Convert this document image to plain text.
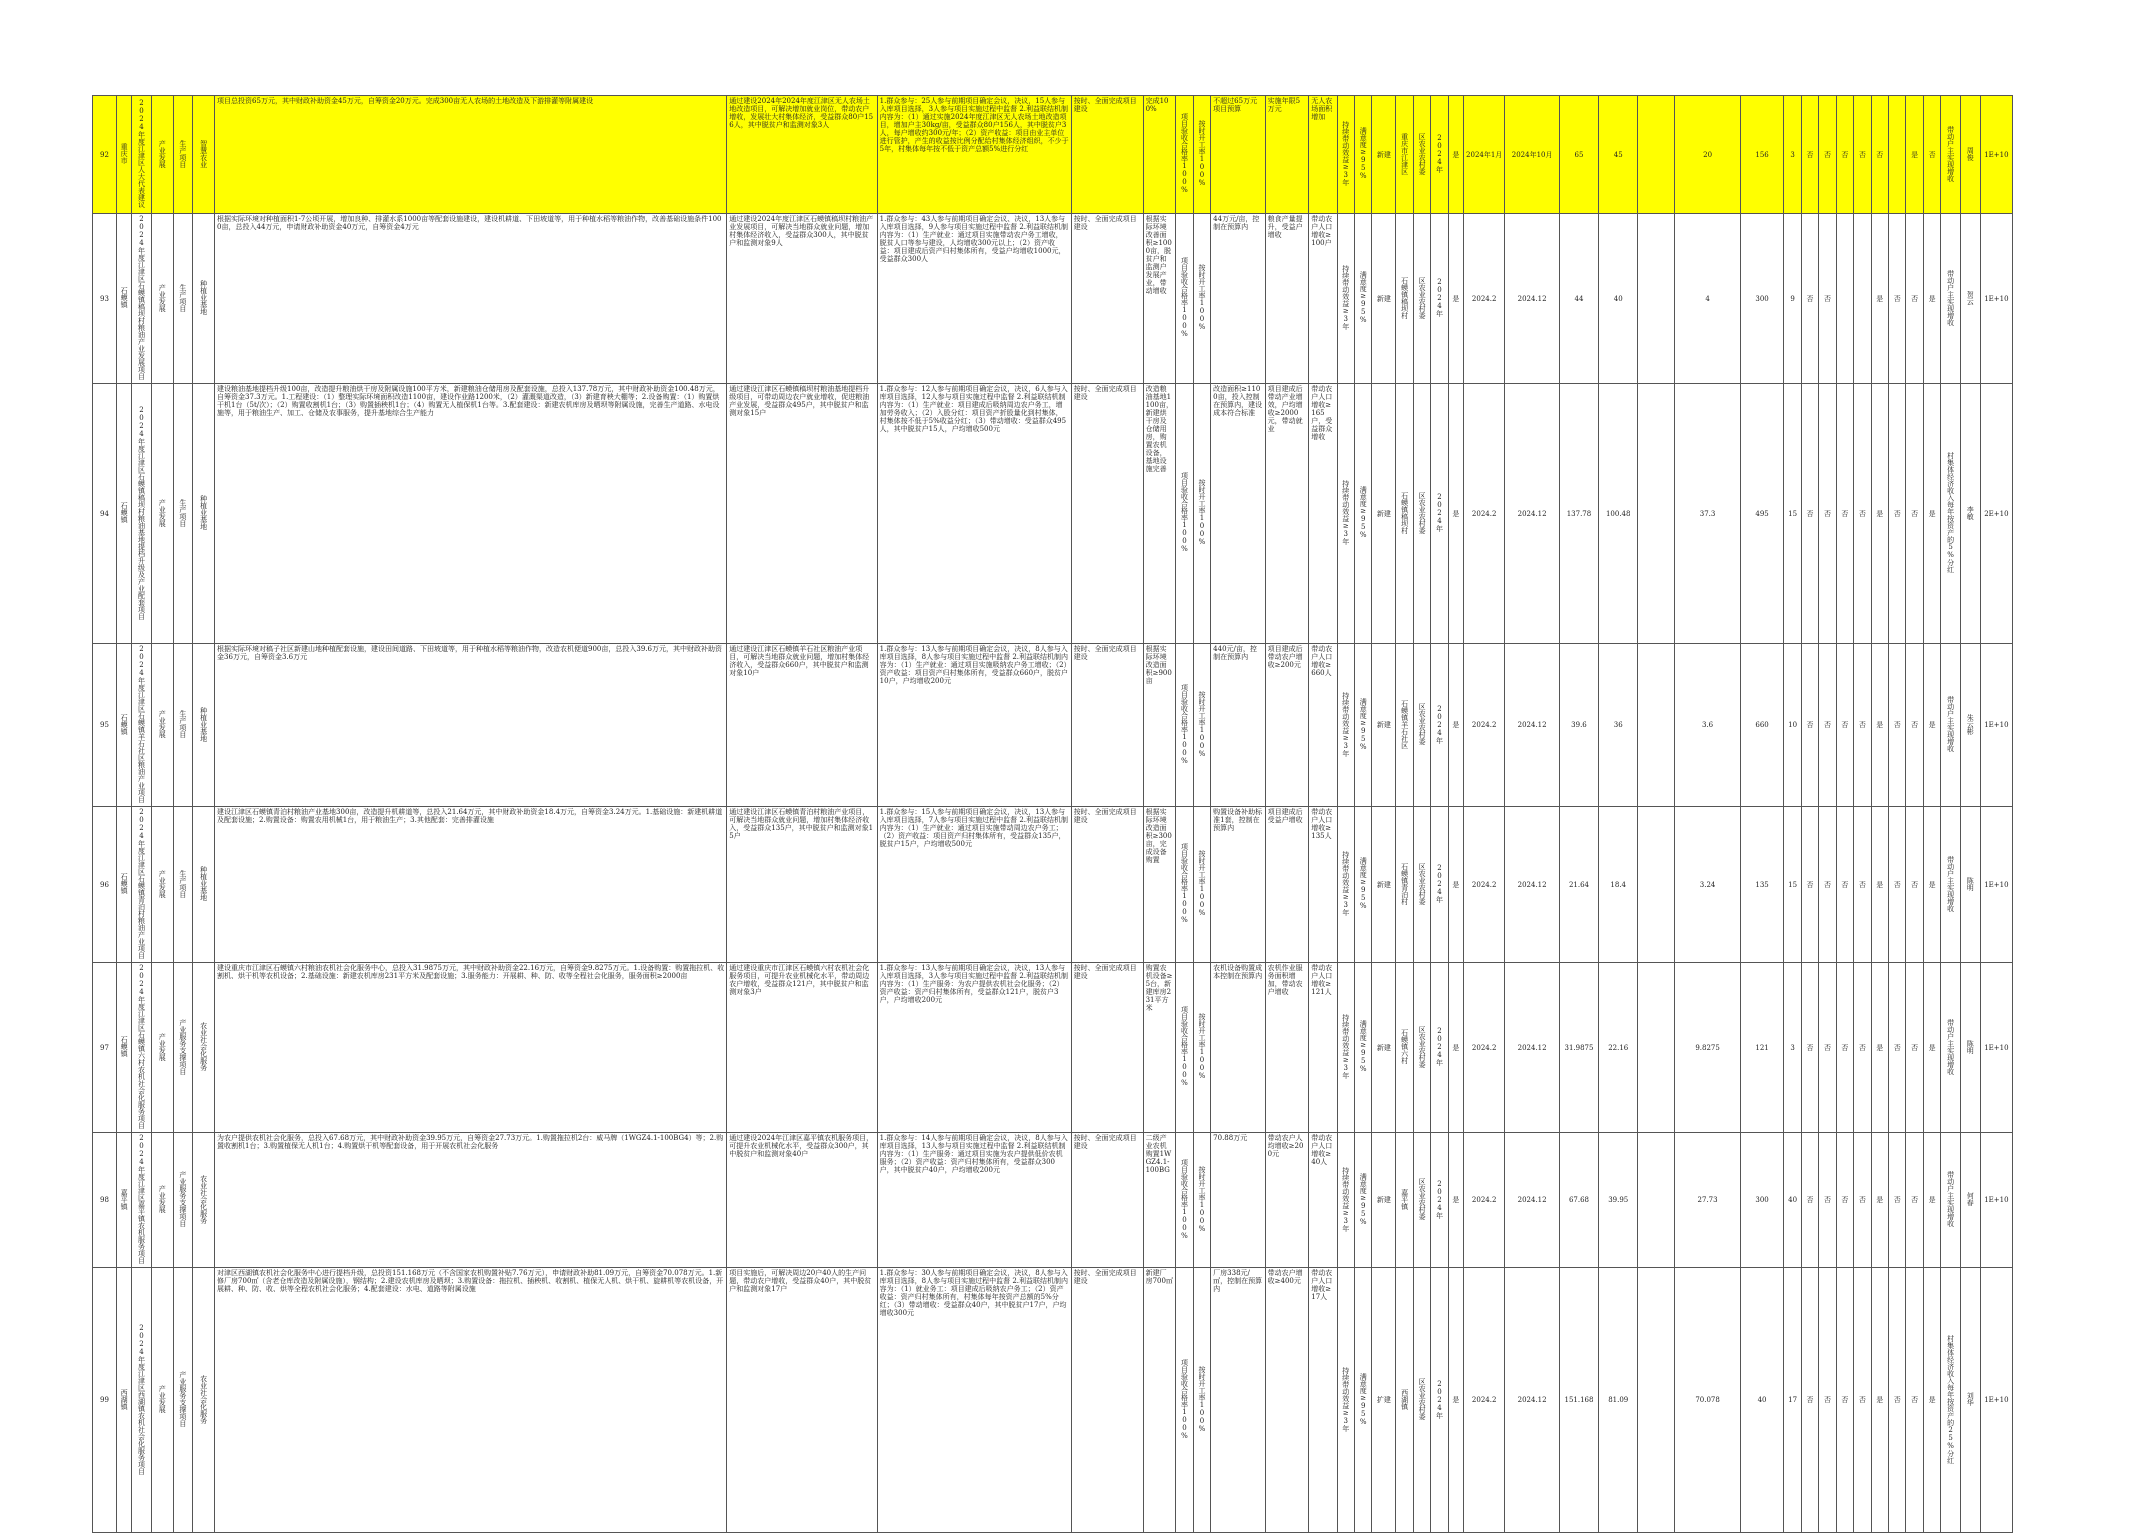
92	重庆市	2024年度江津区人大代表建议	产业发展	生产项目	智慧农业	项目总投资65万元，其中财政补助资金45万元，自筹资金20万元。完成300亩无人农场的土地改造及下游排灌等附属建设	通过建设2024年2024年度江津区无人农场土地改造项目，可解决增加就业岗位，带动农户增收，发展壮大村集体经济，受益群众80户156人，其中脱贫户和监测对象3人	1.群众参与：25人参与前期项目确定会议，决议，15人参与入库项目选择，3人参与项目实施过程中监督 2.利益联结机制内容为：（1）通过实施2024年度江津区无人农场土地改造项目，增加户主30kg/亩，受益群众80户156人，其中脱贫户3人，每户增收约300元/年；（2）资产收益：项目由业主单位进行管护，产生的收益按比例分配给村集体经济组织，不少于5年，村集体每年按不低于资产总额5%进行分红	按时、全面完成项目建设	完成100%	项目验收合格率100%	按时开工率100%	不超过65万元项目预算	实施年限5万元	无人农场面积增加	持续带动效益≥3年	满意度≥95%	新建	重庆市江津区	区农业农村委	2024年	是	2024年1月	2024年10月	65	45		20	156	3	否	否	否	否	否		是	否	带动户主实现增收	周俊	1E+10
93	石蟆镇	2024年度江津区石蟆镇稿坝村粮油产业发展项目	产业发展	生产项目	种植业基地	根据实际环境对种植面积1-7公顷开展，增加良种、排灌水系1000亩等配套设施建设，建设机耕道、下田坡道等，用于种植水稻等粮油作物，改善基础设施条件1000亩，总投入44万元，申请财政补助资金40万元，自筹资金4万元	通过建设2024年度江津区石蟆镇稿坝村粮油产业发展项目，可解决当地群众就业问题，增加村集体经济收入，受益群众300人，其中脱贫户和监测对象9人	1.群众参与：43人参与前期项目确定会议、决议，13人参与入库项目选择，9人参与项目实施过程中监督 2.利益联结机制内容为：（1）生产就业：通过项目实施带动农户务工增收，脱贫人口等参与建设，人均增收300元以上；（2）资产收益：项目建成后资产归村集体所有，受益户均增收1000元，受益群众300人	按时、全面完成项目建设	根据实际环境改善面积≥1000亩，脱贫户和监测户发展产业，带动增收	项目验收合格率100%	按时开工率100%	44万元/亩，控制在预算内	粮食产量提升，受益户增收	带动农户人口增收≥100户	持续带动效益≥3年	满意度≥95%	新建	石蟆镇稿坝村	区农业农村委	2024年	是	2024.2	2024.12	44	40		4	300	9	否	否			是	否	否	是	带动户主实现增收	贺云	1E+10
94	石蟆镇	2024年度江津区石蟆镇稿坝村粮油基地提档升级及产业配套项目	产业发展	生产项目	种植业基地	建设粮油基地提档升级100亩，改造提升粮油烘干房及附属设施100平方米，新建粮油仓储用房及配套设施，总投入137.78万元，其中财政补助资金100.48万元，自筹资金37.3万元。1.工程建设：（1）整理实际环境面积改造1100亩，建设作业路1200米，（2）灌溉渠道改造，（3）新建育秧大棚等；2.设备购置：（1）购置烘干机1台（5t/次）；（2）购置收割机1台；（3）购置插秧机1台；（4）购置无人植保机1台等。3.配套建设：新建农机库房及晒坝等附属设施，完善生产道路、水电设施等，用于粮油生产、加工、仓储及农事服务，提升基地综合生产能力	通过建设江津区石蟆镇稿坝村粮油基地提档升级项目，可带动周边农户就业增收，促进粮油产业发展，受益群众495户，其中脱贫户和监测对象15户	1.群众参与：12人参与前期项目确定会议，决议，6人参与入库项目选择，12人参与项目实施过程中监督 2.利益联结机制内容为：（1）生产就业：项目建成后吸纳周边农户务工，增加劳务收入；（2）入股分红：项目资产折股量化到村集体，村集体按不低于5%收益分红；（3）带动增收：受益群众495人，其中脱贫户15人，户均增收500元	按时、全面完成项目建设	改造粮油基地1100亩，新建烘干房及仓储用房，购置农机设备，基地设施完善	项目验收合格率100%	按时开工率100%	改造面积≥1100亩，投入控制在预算内，建设成本符合标准	项目建成后带动产业增效，户均增收≥2000元，带动就业	带动农户人口增收≥165户，受益群众增收	持续带动效益≥3年	满意度≥95%	新建	石蟆镇稿坝村	区农业农村委	2024年	是	2024.2	2024.12	137.78	100.48		37.3	495	15	否	否	否	否	是	否	否	是	村集体经济收入每年按资产的5%分红	李敏	2E+10
95	石蟆镇	2024年度江津区石蟆镇羊石社区粮油产业项目	产业发展	生产项目	种植业基地	根据实际环境对稿子社区新建山地种植配套设施，建设田间道路、下田坡道等，用于种植水稻等粮油作物，改造农机便道900亩，总投入39.6万元，其中财政补助资金36万元，自筹资金3.6万元	通过建设江津区石蟆镇羊石社区粮油产业项目，可解决当地群众就业问题，增加村集体经济收入，受益群众660户，其中脱贫户和监测对象10户	1.群众参与：13人参与前期项目确定会议，决议，8人参与入库项目选择，8人参与项目实施过程中监督 2.利益联结机制内容为：（1）生产就业：通过项目实施吸纳农户务工增收；（2）资产收益：项目资产归村集体所有，受益群众660户，脱贫户10户，户均增收200元	按时、全面完成项目建设	根据实际环境改造面积≥900亩	项目验收合格率100%	按时开工率100%	440元/亩，控制在预算内	项目建成后带动农户增收≥200元	带动农户人口增收≥660人	持续带动效益≥3年	满意度≥95%	新建	石蟆镇羊石社区	区农业农村委	2024年	是	2024.2	2024.12	39.6	36		3.6	660	10	否	否	否	否	是	否	否	是	带动户主实现增收	朱云彬	1E+10
96	石蟆镇	2024年度江津区石蟆镇青泊村粮油产业项目	产业发展	生产项目	种植业基地	建设江津区石蟆镇青泊村粮油产业基地300亩，改造提升机耕道等，总投入21.64万元，其中财政补助资金18.4万元，自筹资金3.24万元。1.基础设施：新建机耕道及配套设施；2.购置设备：购置农用机械1台，用于粮油生产；3.其他配套：完善排灌设施	通过建设江津区石蟆镇青泊村粮油产业项目，可解决当地群众就业问题，增加村集体经济收入，受益群众135户，其中脱贫户和监测对象15户	1.群众参与：15人参与前期项目确定会议，决议，13人参与入库项目选择，7人参与项目实施过程中监督 2.利益联结机制内容为：（1）生产就业：通过项目实施带动周边农户务工；（2）资产收益：项目资产归村集体所有，受益群众135户，脱贫户15户，户均增收500元	按时、全面完成项目建设	根据实际环境改造面积≥300亩，完成设备购置	项目验收合格率100%	按时开工率100%	购置设备补助标准1套，控制在预算内	项目建成后受益户增收	带动农户人口增收≥135人	持续带动效益≥3年	满意度≥95%	新建	石蟆镇青泊村	区农业农村委	2024年	是	2024.2	2024.12	21.64	18.4		3.24	135	15	否	否	否	否	是	否	否	是	带动户主实现增收	陈明	1E+10
97	石蟆镇	2024年度江津区石蟆镇六村农机社会化服务项目	产业发展	产业服务支撑项目	农业社会化服务	建设重庆市江津区石蟆镇六村粮油农机社会化服务中心，总投入31.9875万元，其中财政补助资金22.16万元，自筹资金9.8275万元。1.设备购置：购置拖拉机、收割机、烘干机等农机设备；2.基础设施：新建农机库房231平方米及配套设施；3.服务能力：开展耕、种、防、收等全程社会化服务，服务面积≥2000亩	通过建设重庆市江津区石蟆镇六村农机社会化服务项目，可提升农业机械化水平，带动周边农户增收，受益群众121户，其中脱贫户和监测对象3户	1.群众参与：13人参与前期项目确定会议，决议，13人参与入库项目选择，3人参与项目实施过程中监督 2.利益联结机制内容为：（1）生产服务：为农户提供农机社会化服务；（2）资产收益：资产归村集体所有，受益群众121户，脱贫户3户，户均增收200元	按时、全面完成项目建设	购置农机设备≥5台，新建库房231平方米	项目验收合格率100%	按时开工率100%	农机设备购置成本控制在预算内	农机作业服务面积增加，带动农户增收	带动农户人口增收≥121人	持续带动效益≥3年	满意度≥95%	新建	石蟆镇六村	区农业农村委	2024年	是	2024.2	2024.12	31.9875	22.16		9.8275	121	3	否	否	否	否	是	否	否	是	带动户主实现增收	陈明	1E+10
98	嘉平镇	2024年度江津区嘉平镇农机服务项目	产业发展	产业服务支撑项目	农业社会化服务	为农户提供农机社会化服务，总投入67.68万元，其中财政补助资金39.95万元，自筹资金27.73万元。1.购置拖拉机2台：威马牌（1WGZ4.1-100BG4）等；2.购置收割机1台；3.购置植保无人机1台；4.购置烘干机等配套设备，用于开展农机社会化服务	通过建设2024年江津区嘉平镇农机服务项目，可提升农业机械化水平，受益群众300户，其中脱贫户和监测对象40户	1.群众参与：14人参与前期项目确定会议，决议，8人参与入库项目选择，13人参与项目实施过程中监督 2.利益联结机制内容为：（1）生产服务：通过项目实施为农户提供低价农机服务；（2）资产收益：资产归村集体所有，受益群众300户，其中脱贫户40户，户均增收200元	按时、全面完成项目建设	二级产业农机购置1WGZ4.1-100BG	项目验收合格率100%	按时开工率100%	70.88万元	带动农户人均增收≥200元	带动农户人口增收≥40人	持续带动效益≥3年	满意度≥95%	新建	嘉平镇	区农业农村委	2024年	是	2024.2	2024.12	67.68	39.95		27.73	300	40	否	否	否	否	是	否	否	是	带动户主实现增收	何春	1E+10
99	西湖镇	2024年度江津区西湖镇农机社会化服务项目	产业发展	产业服务支撑项目	农业社会化服务	对津区西湖镇农机社会化服务中心进行提档升级，总投资151.168万元（不含国家农机购置补贴7.76万元），申请财政补助81.09万元，自筹资金70.078万元。1.新修厂房700㎡（含老仓库改造及附属设施），钢结构；2.建设农机库房及晒坝；3.购置设备：拖拉机、插秧机、收割机、植保无人机、烘干机、旋耕机等农机设备，开展耕、种、防、收、烘等全程农机社会化服务；4.配套建设：水电、道路等附属设施	项目实施后，可解决周边20户40人的生产问题，带动农户增收，受益群众40户，其中脱贫户和监测对象17户	1.群众参与：30人参与前期项目确定会议，决议，8人参与入库项目选择，8人参与项目实施过程中监督 2.利益联结机制内容为：（1）就业务工：项目建成后吸纳农户务工；（2）资产收益：资产归村集体所有，村集体每年按资产总额的5%分红；（3）带动增收：受益群众40户，其中脱贫户17户，户均增收300元	按时、全面完成项目建设	新建厂房700㎡	项目验收合格率100%	按时开工率100%	厂房338元/㎡，控制在预算内	带动农户增收≥400元	带动农户人口增收≥17人	持续带动效益≥3年	满意度≥95%	扩建	西湖镇	区农业农村委	2024年	是	2024.2	2024.12	151.168	81.09		70.078	40	17	否	否	否	否	是	否	否	是	村集体经济收入每年按资产的25%分红	刘华	1E+10
